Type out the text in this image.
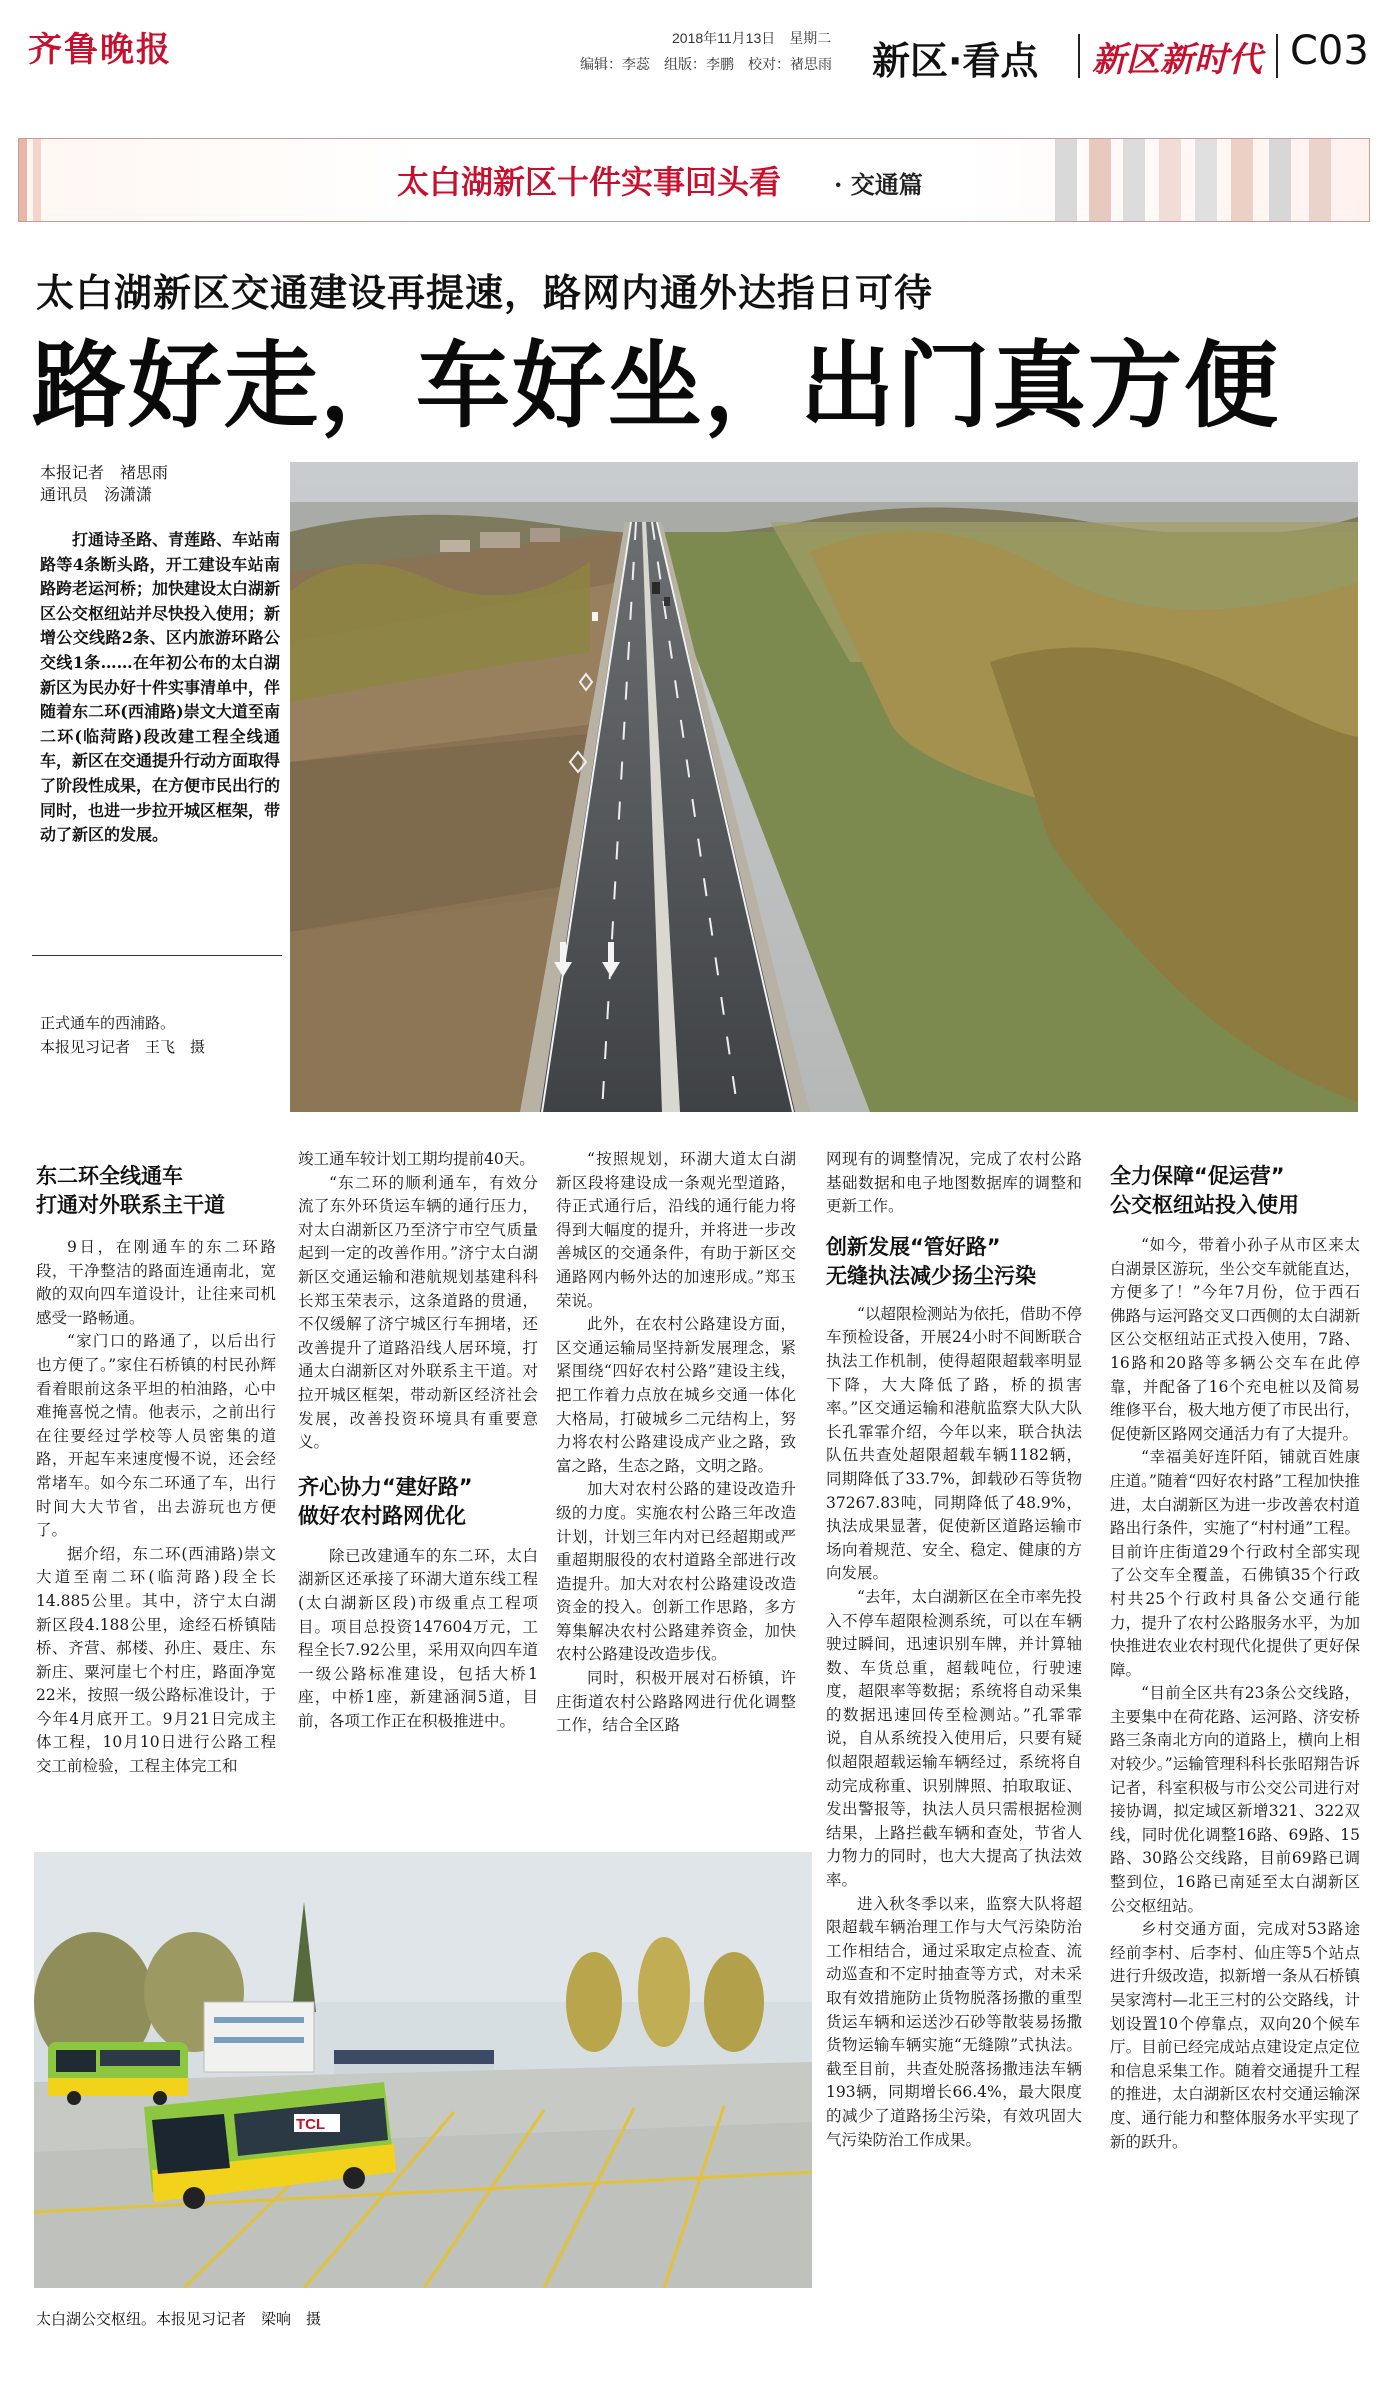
齐鲁晚报	2018年11月13日　星期二
编辑：李蕊　组版：李鹏　校对：禇思雨 新区·看点 新区新时代 C03
太白湖新区十件实事回头看 · 交通篇
太白湖新区交通建设再提速，路网内通外达指日可待
路好走，车好坐，出门真方便
本报记者　褚思雨
通讯员　汤潇潇
打通诗圣路、青莲路、车站南路等4条断头路，开工建设车站南路跨老运河桥；加快建设太白湖新区公交枢纽站并尽快投入使用；新增公交线路2条、区内旅游环路公交线1条……在年初公布的太白湖新区为民办好十件实事清单中，伴随着东二环(西浦路)崇文大道至南二环(临菏路)段改建工程全线通车，新区在交通提升行动方面取得了阶段性成果，在方便市民出行的同时，也进一步拉开城区框架，带动了新区的发展。
正式通车的西浦路。
本报见习记者　王飞　摄
东二环全线通车
打通对外联系主干道

9日，在刚通车的东二环路段，干净整洁的路面连通南北，宽敞的双向四车道设计，让往来司机感受一路畅通。

“家门口的路通了，以后出行也方便了。”家住石桥镇的村民孙辉看着眼前这条平坦的柏油路，心中难掩喜悦之情。他表示，之前出行在往要经过学校等人员密集的道路，开起车来速度慢不说，还会经常堵车。如今东二环通了车，出行时间大大节省，出去游玩也方便了。

据介绍，东二环(西浦路)崇文大道至南二环(临菏路)段全长14.885公里。其中，济宁太白湖新区段4.188公里，途经石桥镇陆桥、齐营、郝楼、孙庄、聂庄、东新庄、粟河崖七个村庄，路面净宽22米，按照一级公路标准设计，于今年4月底开工。9月21日完成主体工程，10月10日进行公路工程交工前检验，工程主体完工和

竣工通车较计划工期均提前40天。

“东二环的顺利通车，有效分流了东外环货运车辆的通行压力，对太白湖新区乃至济宁市空气质量起到一定的改善作用。”济宁太白湖新区交通运输和港航规划基建科科长郑玉荣表示，这条道路的贯通，不仅缓解了济宁城区行车拥堵，还改善提升了道路沿线人居环境，打通太白湖新区对外联系主干道。对拉开城区框架，带动新区经济社会发展，改善投资环境具有重要意义。

齐心协力“建好路”
做好农村路网优化

除已改建通车的东二环，太白湖新区还承接了环湖大道东线工程(太白湖新区段)市级重点工程项目。项目总投资147604万元，工程全长7.92公里，采用双向四车道一级公路标准建设，包括大桥1座，中桥1座，新建涵洞5道，目前，各项工作正在积极推进中。

“按照规划，环湖大道太白湖新区段将建设成一条观光型道路，待正式通行后，沿线的通行能力将得到大幅度的提升，并将进一步改善城区的交通条件，有助于新区交通路网内畅外达的加速形成。”郑玉荣说。

此外，在农村公路建设方面，区交通运输局坚持新发展理念，紧紧围绕“四好农村公路”建设主线，把工作着力点放在城乡交通一体化大格局，打破城乡二元结构上，努力将农村公路建设成产业之路，致富之路，生态之路，文明之路。

加大对农村公路的建设改造升级的力度。实施农村公路三年改造计划，计划三年内对已经超期或严重超期服役的农村道路全部进行改造提升。加大对农村公路建设改造资金的投入。创新工作思路，多方筹集解决农村公路建养资金，加快农村公路建设改造步伐。

同时，积极开展对石桥镇，许庄街道农村公路路网进行优化调整工作，结合全区路

网现有的调整情况，完成了农村公路基础数据和电子地图数据库的调整和更新工作。

创新发展“管好路”
无缝执法减少扬尘污染

“以超限检测站为依托，借助不停车预检设备，开展24小时不间断联合执法工作机制，使得超限超载率明显下降，大大降低了路，桥的损害率。”区交通运输和港航监察大队大队长孔霏霏介绍，今年以来，联合执法队伍共查处超限超载车辆1182辆，同期降低了33.7%，卸载砂石等货物37267.83吨，同期降低了48.9%，执法成果显著，促使新区道路运输市场向着规范、安全、稳定、健康的方向发展。

“去年，太白湖新区在全市率先投入不停车超限检测系统，可以在车辆驶过瞬间，迅速识别车牌，并计算轴数、车货总重，超载吨位，行驶速度，超限率等数据；系统将自动采集的数据迅速回传至检测站。”孔霏霏说，自从系统投入使用后，只要有疑似超限超载运输车辆经过，系统将自动完成称重、识别牌照、拍取取证、发出警报等，执法人员只需根据检测结果，上路拦截车辆和查处，节省人力物力的同时，也大大提高了执法效率。

进入秋冬季以来，监察大队将超限超载车辆治理工作与大气污染防治工作相结合，通过采取定点检查、流动巡查和不定时抽查等方式，对未采取有效措施防止货物脱落扬撒的重型货运车辆和运送沙石砂等散装易扬撒货物运输车辆实施“无缝隙”式执法。截至目前，共查处脱落扬撒违法车辆193辆，同期增长66.4%，最大限度的减少了道路扬尘污染，有效巩固大气污染防治工作成果。

全力保障“促运营”
公交枢纽站投入使用

“如今，带着小孙子从市区来太白湖景区游玩，坐公交车就能直达，方便多了！”今年7月份，位于西石佛路与运河路交叉口西侧的太白湖新区公交枢纽站正式投入使用，7路、16路和20路等多辆公交车在此停靠，并配备了16个充电桩以及简易维修平台，极大地方便了市民出行，促使新区路网交通活力有了大提升。

“幸福美好连阡陌，铺就百姓康庄道。”随着“四好农村路”工程加快推进，太白湖新区为进一步改善农村道路出行条件，实施了“村村通”工程。目前许庄街道29个行政村全部实现了公交车全覆盖，石佛镇35个行政村共25个行政村具备公交通行能力，提升了农村公路服务水平，为加快推进农业农村现代化提供了更好保障。

“目前全区共有23条公交线路，主要集中在荷花路、运河路、济安桥路三条南北方向的道路上，横向上相对较少。”运输管理科科长张昭翔告诉记者，科室积极与市公交公司进行对接协调，拟定域区新增321、322双线，同时优化调整16路、69路、15路、30路公交线路，目前69路已调整到位，16路已南延至太白湖新区公交枢纽站。

乡村交通方面，完成对53路途经前李村、后李村、仙庄等5个站点进行升级改造，拟新增一条从石桥镇吴家湾村—北王三村的公交路线，计划设置10个停靠点，双向20个候车厅。目前已经完成站点建设定点定位和信息采集工作。随着交通提升工程的推进，太白湖新区农村交通运输深度、通行能力和整体服务水平实现了新的跃升。

TCL
太白湖公交枢纽。本报见习记者　梁响　摄
